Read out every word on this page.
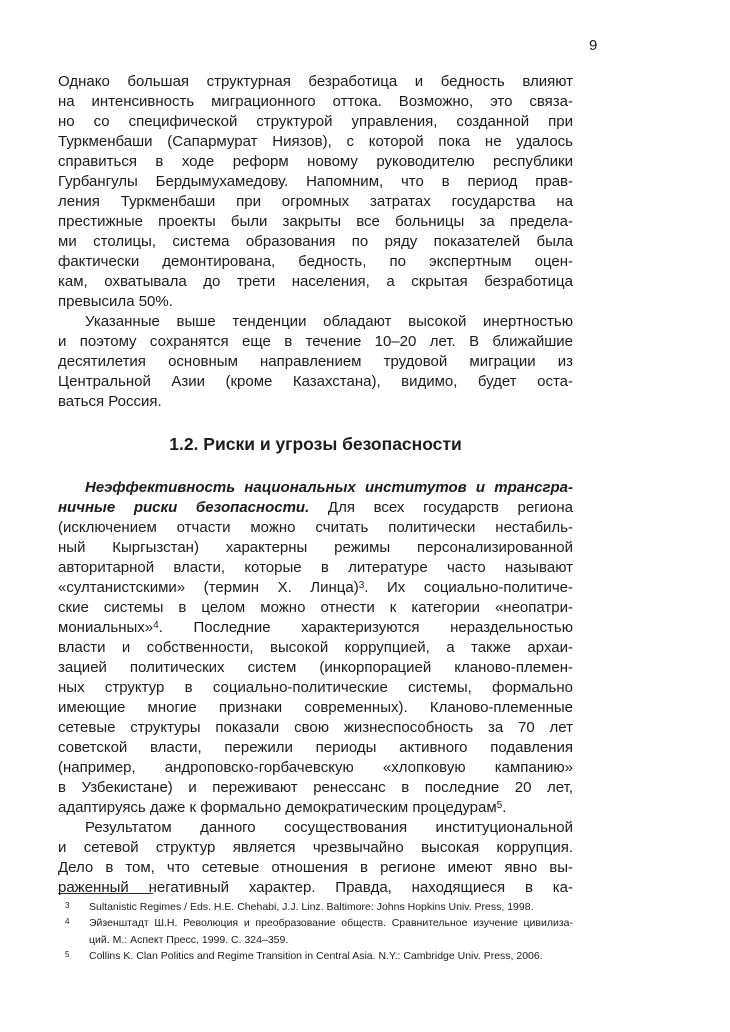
9
Однако большая структурная безработица и бедность влияют
на интенсивность миграционного оттока. Возможно, это связа-
но со специфической структурой управления, созданной при
Туркменбаши (Сапармурат Ниязов), с которой пока не удалось
справиться в ходе реформ новому руководителю республики
Гурбангулы Бердымухамедову. Напомним, что в период прав-
ления Туркменбаши при огромных затратах государства на
престижные проекты были закрыты все больницы за предела-
ми столицы, система образования по ряду показателей была
фактически демонтирована, бедность, по экспертным оцен-
кам, охватывала до трети населения, а скрытая безработица
превысила 50%.
Указанные выше тенденции обладают высокой инертностью
и поэтому сохранятся еще в течение 10–20 лет. В ближайшие
десятилетия основным направлением трудовой миграции из
Центральной Азии (кроме Казахстана), видимо, будет оста-
ваться Россия.
1.2. Риски и угрозы безопасности
Неэффективность национальных институтов и трансгра-
ничные риски безопасности. Для всех государств региона
(исключением отчасти можно считать политически нестабиль-
ный Кыргызстан) характерны режимы персонализированной
авторитарной власти, которые в литературе часто называют
«султанистскими» (термин Х. Линца)$^3$. Их социально-политиче-
ские системы в целом можно отнести к категории «неопатри-
мониальных»$^4$. Последние характеризуются нераздельностью
власти и собственности, высокой коррупцией, а также архаи-
зацией политических систем (инкорпорацией кланово-племен-
ных структур в социально-политические системы, формально
имеющие многие признаки современных). Кланово-племенные
сетевые структуры показали свою жизнеспособность за 70 лет
советской власти, пережили периоды активного подавления
(например, андроповско-горбачевскую «хлопковую кампанию»
в Узбекистане) и переживают ренессанс в последние 20 лет,
адаптируясь даже к формально демократическим процедурам$^5$.
Результатом данного сосуществования институциональной
и сетевой структур является чрезвычайно высокая коррупция.
Дело в том, что сетевые отношения в регионе имеют явно вы-
раженный негативный характер. Правда, находящиеся в ка-
3 Sultanistic Regimes / Eds. H.E. Chehabi, J.J. Linz. Baltimore: Johns Hopkins Univ. Press, 1998.
4 Эйзенштадт Ш.Н. Революция и преобразование обществ. Сравнительное изучение цивилиза-
ций. М.: Аспект Пресс, 1999. С. 324–359.
5 Collins K. Clan Politics and Regime Transition in Central Asia. N.Y.: Cambridge Univ. Press, 2006.
